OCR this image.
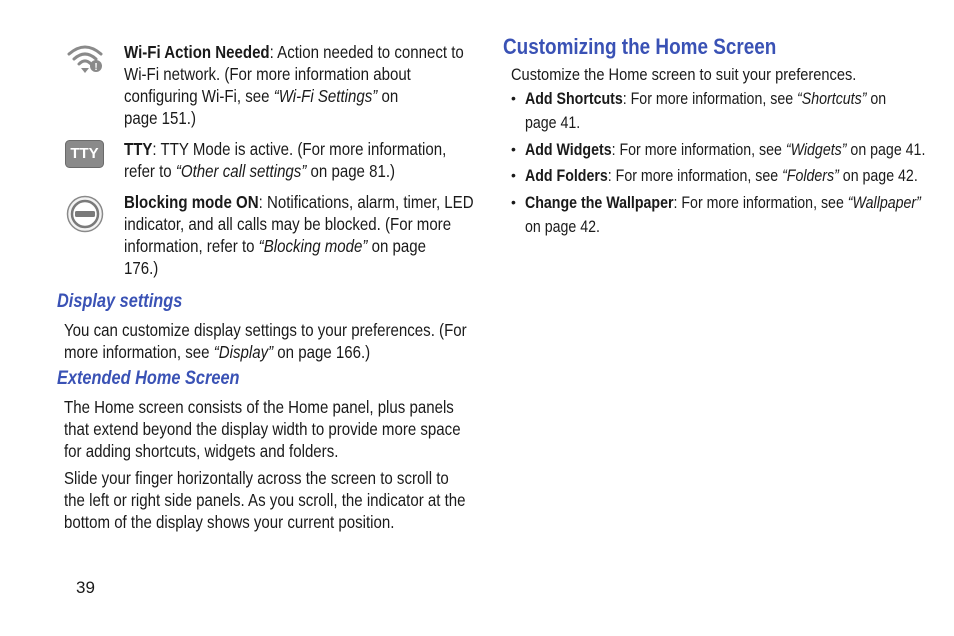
!
TTY
Wi-Fi Action Needed: Action needed to connect to
Wi-Fi network. (For more information about
configuring Wi-Fi, see “Wi-Fi Settings” on
page 151.)
TTY: TTY Mode is active. (For more information,
refer to “Other call settings” on page 81.)
Blocking mode ON: Notifications, alarm, timer, LED
indicator, and all calls may be blocked. (For more
information, refer to “Blocking mode” on page
176.)
Display settings
You can customize display settings to your preferences. (For
more information, see “Display” on page 166.)
Extended Home Screen
The Home screen consists of the Home panel, plus panels
that extend beyond the display width to provide more space
for adding shortcuts, widgets and folders.
Slide your finger horizontally across the screen to scroll to
the left or right side panels. As you scroll, the indicator at the
bottom of the display shows your current position.
Customizing the Home Screen
Customize the Home screen to suit your preferences.
• Add Shortcuts: For more information, see “Shortcuts” on
page 41.
• Add Widgets: For more information, see “Widgets” on page 41.
• Add Folders: For more information, see “Folders” on page 42.
• Change the Wallpaper: For more information, see “Wallpaper”
on page 42.
39
